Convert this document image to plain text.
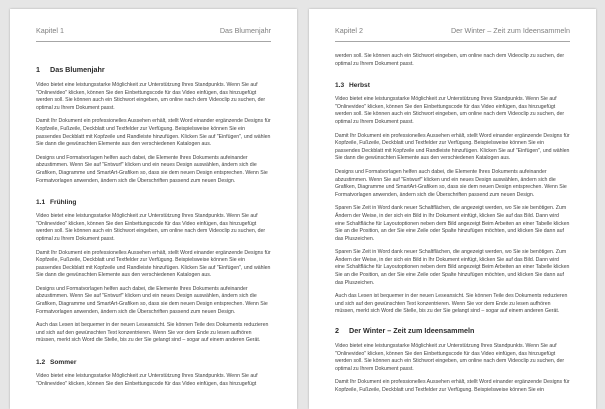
Kapitel 1	Das Blumenjahr
1 Das Blumenjahr

Video bietet eine leistungsstarke Möglichkeit zur Unterstützung Ihres Standpunkts. Wenn Sie auf "Onlinevideo" klicken, können Sie den Einbettungscode für das Video einfügen, das hinzugefügt werden soll. Sie können auch ein Stichwort eingeben, um online nach dem Videoclip zu suchen, der optimal zu Ihrem Dokument passt.

Damit Ihr Dokument ein professionelles Aussehen erhält, stellt Word einander ergänzende Designs für Kopfzeile, Fußzeile, Deckblatt und Textfelder zur Verfügung. Beispielsweise können Sie ein passendes Deckblatt mit Kopfzeile und Randleiste hinzufügen. Klicken Sie auf "Einfügen", und wählen Sie dann die gewünschten Elemente aus den verschiedenen Katalogen aus.

Designs und Formatvorlagen helfen auch dabei, die Elemente Ihres Dokuments aufeinander abzustimmen. Wenn Sie auf "Entwurf" klicken und ein neues Design auswählen, ändern sich die Grafiken, Diagramme und SmartArt-Grafiken so, dass sie dem neuen Design entsprechen. Wenn Sie Formatvorlagen anwenden, ändern sich die Überschriften passend zum neuen Design.

1.1 Frühling

Video bietet eine leistungsstarke Möglichkeit zur Unterstützung Ihres Standpunkts. Wenn Sie auf "Onlinevideo" klicken, können Sie den Einbettungscode für das Video einfügen, das hinzugefügt werden soll. Sie können auch ein Stichwort eingeben, um online nach dem Videoclip zu suchen, der optimal zu Ihrem Dokument passt.

Damit Ihr Dokument ein professionelles Aussehen erhält, stellt Word einander ergänzende Designs für Kopfzeile, Fußzeile, Deckblatt und Textfelder zur Verfügung. Beispielsweise können Sie ein passendes Deckblatt mit Kopfzeile und Randleiste hinzufügen. Klicken Sie auf "Einfügen", und wählen Sie dann die gewünschten Elemente aus den verschiedenen Katalogen aus.

Designs und Formatvorlagen helfen auch dabei, die Elemente Ihres Dokuments aufeinander abzustimmen. Wenn Sie auf "Entwurf" klicken und ein neues Design auswählen, ändern sich die Grafiken, Diagramme und SmartArt-Grafiken so, dass sie dem neuen Design entsprechen. Wenn Sie Formatvorlagen anwenden, ändern sich die Überschriften passend zum neuen Design.

Auch das Lesen ist bequemer in der neuen Leseansicht. Sie können Teile des Dokuments reduzieren und sich auf den gewünschten Text konzentrieren. Wenn Sie vor dem Ende zu lesen aufhören müssen, merkt sich Word die Stelle, bis zu der Sie gelangt sind – sogar auf einem anderen Gerät.

1.2 Sommer

Video bietet eine leistungsstarke Möglichkeit zur Unterstützung Ihres Standpunkts. Wenn Sie auf "Onlinevideo" klicken, können Sie den Einbettungscode für das Video einfügen, das hinzugefügt

Kapitel 2	Der Winter – Zeit zum Ideensammeln

werden soll. Sie können auch ein Stichwort eingeben, um online nach dem Videoclip zu suchen, der optimal zu Ihrem Dokument passt.

1.3 Herbst

Video bietet eine leistungsstarke Möglichkeit zur Unterstützung Ihres Standpunkts. Wenn Sie auf "Onlinevideo" klicken, können Sie den Einbettungscode für das Video einfügen, das hinzugefügt werden soll. Sie können auch ein Stichwort eingeben, um online nach dem Videoclip zu suchen, der optimal zu Ihrem Dokument passt.

Damit Ihr Dokument ein professionelles Aussehen erhält, stellt Word einander ergänzende Designs für Kopfzeile, Fußzeile, Deckblatt und Textfelder zur Verfügung. Beispielsweise können Sie ein passendes Deckblatt mit Kopfzeile und Randleiste hinzufügen. Klicken Sie auf "Einfügen", und wählen Sie dann die gewünschten Elemente aus den verschiedenen Katalogen aus.

Designs und Formatvorlagen helfen auch dabei, die Elemente Ihres Dokuments aufeinander abzustimmen. Wenn Sie auf "Entwurf" klicken und ein neues Design auswählen, ändern sich die Grafiken, Diagramme und SmartArt-Grafiken so, dass sie dem neuen Design entsprechen. Wenn Sie Formatvorlagen anwenden, ändern sich die Überschriften passend zum neuen Design.

Sparen Sie Zeit in Word dank neuer Schaltflächen, die angezeigt werden, wo Sie sie benötigen. Zum Ändern der Weise, in der sich ein Bild in Ihr Dokument einfügt, klicken Sie auf das Bild. Dann wird eine Schaltfläche für Layoutoptionen neben dem Bild angezeigt Beim Arbeiten an einer Tabelle klicken Sie an die Position, an der Sie eine Zeile oder Spalte hinzufügen möchten, und klicken Sie dann auf das Pluszeichen.

Sparen Sie Zeit in Word dank neuer Schaltflächen, die angezeigt werden, wo Sie sie benötigen. Zum Ändern der Weise, in der sich ein Bild in Ihr Dokument einfügt, klicken Sie auf das Bild. Dann wird eine Schaltfläche für Layoutoptionen neben dem Bild angezeigt Beim Arbeiten an einer Tabelle klicken Sie an die Position, an der Sie eine Zeile oder Spalte hinzufügen möchten, und klicken Sie dann auf das Pluszeichen.

Auch das Lesen ist bequemer in der neuen Leseansicht. Sie können Teile des Dokuments reduzieren und sich auf den gewünschten Text konzentrieren. Wenn Sie vor dem Ende zu lesen aufhören müssen, merkt sich Word die Stelle, bis zu der Sie gelangt sind – sogar auf einem anderen Gerät.

2 Der Winter – Zeit zum Ideensammeln

Video bietet eine leistungsstarke Möglichkeit zur Unterstützung Ihres Standpunkts. Wenn Sie auf "Onlinevideo" klicken, können Sie den Einbettungscode für das Video einfügen, das hinzugefügt werden soll. Sie können auch ein Stichwort eingeben, um online nach dem Videoclip zu suchen, der optimal zu Ihrem Dokument passt.

Damit Ihr Dokument ein professionelles Aussehen erhält, stellt Word einander ergänzende Designs für Kopfzeile, Fußzeile, Deckblatt und Textfelder zur Verfügung. Beispielsweise können Sie ein
